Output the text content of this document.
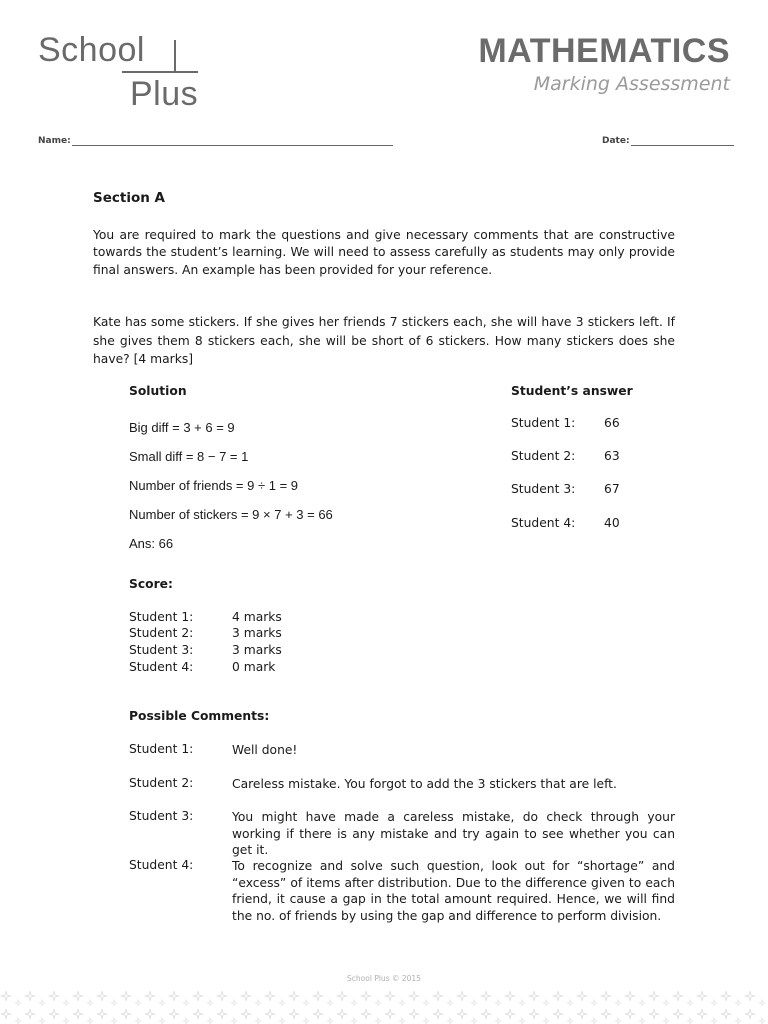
School
Plus
MATHEMATICS
Marking Assessment
Name:	Date:
Section A
You are required to mark the questions and give necessary comments that are constructive towards the student’s learning. We will need to assess carefully as students may only provide final answers. An example has been provided for your reference.
Kate has some stickers. If she gives her friends 7 stickers each, she will have 3 stickers left. If she gives them 8 stickers each, she will be short of 6 stickers. How many stickers does she have? [4 marks]
Solution
Big diff = 3 + 6 = 9
Small diff = 8 − 7 = 1
Number of friends = 9 ÷ 1 = 9
Number of stickers = 9 × 7 + 3 = 66
Ans: 66
Student’s answer
Student 1: 66
Student 2: 63
Student 3: 67
Student 4: 40
Score:
Student 1:	4 marks
Student 2:	3 marks
Student 3:	3 marks
Student 4:	0 mark
Possible Comments:
Student 1:	Well done!
Student 2:	Careless mistake. You forgot to add the 3 stickers that are left.
Student 3:	You might have made a careless mistake, do check through your working if there is any mistake and try again to see whether you can get it.
Student 4:	To recognize and solve such question, look out for “shortage” and “excess” of items after distribution. Due to the difference given to each friend, it cause a gap in the total amount required. Hence, we will find the no. of friends by using the gap and difference to perform division.
School Plus © 2015
